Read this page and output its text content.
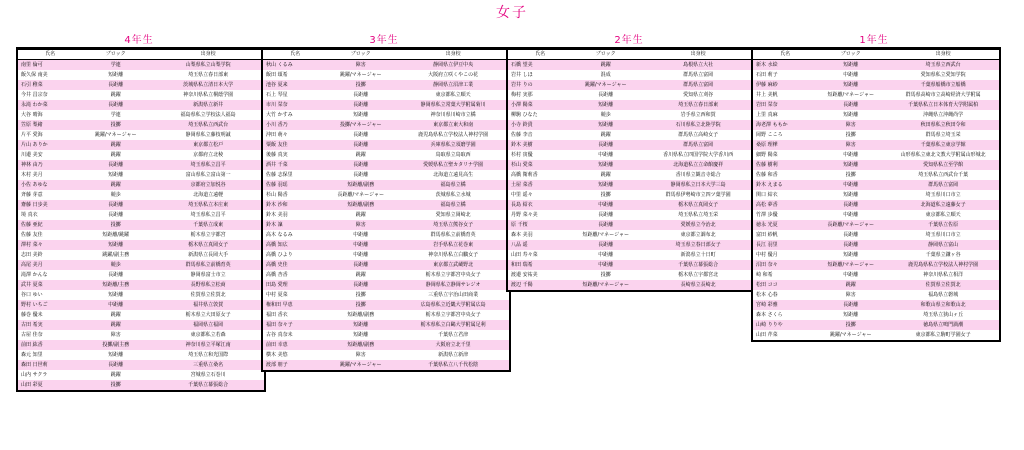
女子
4年生	3年生	2年生	1年生
氏名	ブロック	出身校
南里 倫可	学連	山梨県私立山梨学院
飯久保 南美	短距離	埼玉県立春日部東
石引 稚菜	長距離	茨城県私立清日本大学
今井 昌宗奈	跳躍	神奈川県私立桐蔭学園
永滝 わか菜	長距離	新潟県立新井
大谷 晴海	学連	福島県私立学校法人福島
笠原 梨緒	投擲	埼玉県私立西武台
片平 愛海	跳躍/マネージャー	静岡県私立藤枝明誠
片山 ありか	跳躍	東京都立松戸
川邉 美安	跳躍	京都府立北稜
神林 由乃	長距離	埼玉県私立昌平
木村 美月	短距離	富山県私立富山第一
小佐 あゆな	跳躍	京都府立加悦谷
斉藤 芽意	競歩	北海道立遠軽
齋藤 日步美	長距離	埼玉県私立本庄東
境 真衣	長距離	埼玉県私立昌平
佐藤 亜紀	投擲	千葉県立成東
佐藤 友佳	短距離/跳躍	栃木県立宇都宮
澤村 菜々	短距離	栃木県立真岡女子
志田 美鈴	跳躍/副主務	新潟県立長岡大手
高尾 美月	競歩	群馬県私立前橋育英
滝澤 かんな	長距離	静岡県富士市立
武井 夏菜	短距離/主務	長野県私立松商
谷口 ゆい	短距離	佐賀県立佐賀北
野村 いちご	中距離	福井県立敦賀
藤巻 優未	跳躍	栃木県立大田原女子
古田 希実	跳躍	福岡県立福岡
古屋 佳奈	障害	東京都私立若森
前田 紘香	投擲/副主務	神奈川県立平塚江南
森元 知里	短距離	埼玉県立和光国際
森田 日世莉	長距離	三重県立桑名
山内 サクラ	跳躍	宮城県立石巻川
山田 彩夏	投擲	千葉県立幕張総合
氏名	ブロック	出身校
秋山 くるみ	障害	静岡県立伊豆中央
飯田 頌希	跳躍/マネージャー	大阪府立咲くやこの花
池谷 夏来	投擲	静岡県立沼津工業
石上 琴星	長距離	東京都私立順天
市川 栞奈	長距離	静岡県私立常葉大学附属菊川
大竹 かすみ	短距離	神奈川県川崎市立橘
小川 香乃	投擲/マネージャー	東京都立東大和南
沖田 萌々	長距離	鹿児島県私立学校法人神村学園
粟飯 友佳	長距離	兵庫県私立須磨学園
後藤 真実	跳躍	鳥取県立鳥取西
酒井 千菜	長距離	愛媛県私立聖カタリナ学園
佐藤 志保里	長距離	北海道立遠見高生
佐藤 羽瑶	短距離/副務	福島県立橘
杉山 陽香	長距離/マネージャー	茨城県私立水城
鈴木 沙和	短距離/副務	福島県立橘
鈴木 美羽	跳躍	愛知県立岡崎北
鈴木 凜	障害	埼玉県立熊谷女子
高木 なるみ	中距離	群馬県私立前橋育英
高橋 知広	中距離	岩手県私立花巻東
高橋 ひより	中距離	神奈川県私立白鵬女子
高橋 史佳	長距離	東京都立武蔵野北
高橋 杏香	跳躍	栃木県立宇都宮中央女子
田島 愛理	長距離	静岡県私立静岡サレジオ
中村 夏菜	投擲	三重県立宇治山田商業
権和田 早恵	投擲	広島県私立近畿大学附属広島
福田 香衣	短距離/副務	栃木県立宇都宮中央女子
福田 奈々子	短距離	栃木県私立白鷗大学附属足利
古谷 真奈未	短距離	千葉県立君津
前田 幸恵	短距離/副務	大阪府立北千里
横木 美悠	障害	新潟県立新津
渡部 朋子	跳躍/マネージャー	千葉県私立八千代松陰
氏名	ブロック	出身校
石橋 望美	跳躍	島根県立大社
岩井 しほ	混成	群馬県立富岡
岩井 りの	跳躍/マネージャー	群馬県立富岡
梅村 実那	長距離	愛知県立刈谷
小澤 陽菜	短距離	埼玉県立春日部東
柳駒 ひなた	競歩	岩手県立西和賀
小寺 鈴貴	短距離	石川県私立北陸学院
佐藤 李音	跳躍	群馬県立高崎女子
鈴木 美樹	長距離	群馬県立富岡
杉村 寅優	中距離	香川県私立四国学院大学香川西
杉山 愛菜	短距離	北海道私立立命館慶祥
高橋 衛莉香	跳躍	香川県立観音寺総合
土屋 菜香	短距離	静岡県私立日本大学三島
中里 遥々	投擲	群馬県伊勢崎市立四ツ葉学園
長島 紹衣	中距離	栃木県立真岡女子
丹野 菜々美	長距離	埼玉県私立埼玉栄
原 千桜	長距離	愛媛県立今治北
森本 美羽	短距離/マネージャー	東京都立調布北
八品 遥	長距離	埼玉県立春日部女子
山田 寿々菜	中距離	新潟県立十日町
和田 瑞希	中距離	千葉県立幕張総合
渡邉 安祐美	投擲	栃木県立宇都宮北
渡辺 千陽	短距離/マネージャー	長崎県立長崎北
氏名	ブロック	出身校
新木 水絵	短距離	埼玉県立西武台
石田 莉子	中距離	愛知県私立愛知学院
伊藤 麻紗	短距離	千葉県船橋市立船橋
井上 美帆	短距離/マネージャー	群馬県高崎市立高崎経済大学附属
岩田 栞奈	長距離	千葉県私立日本体育大学附属柏
上里 真麻	短距離	沖縄県立沖縄尚学
海老澤 ももか	障害	秋田県私立秋田令和
岡野 こころ	投擲	群馬県立埼玉栄
桑原 理樺	障害	千葉県私立東京学館
細野 陽菜	中距離	山形県私立東北文教大学附属山形城北
佐藤 樹利	短距離	愛知県私立至学館
佐藤 和香	投擲	埼玉県私立西武台千葉
鈴木 えまる	中距離	群馬県立富岡
関口 結衣	短距離	埼玉県川口市立
高松 夢香	長距離	北海道私立遠藤女子
竹澤 歩優	中距離	東京都私立順天
徳永 光夏	長距離/マネージャー	千葉県立佐原
富田 紗帆	長距離	埼玉県川口市立
長江 羽里	長距離	静岡県立富山
中村 優月	短距離	千葉県立鎌ヶ谷
沼田 奈々	短距離/マネージャー	鹿児島県私立学校法人神村学園
崎 和希	中距離	神奈川県私立相洋
松田 ココ	跳躍	佐賀県立佐賀北
松本 心春	障害	福島県立磐城
宮崎 彩雅	長距離	和歌山県立和歌山北
森本 さくら	短距離	埼玉県立狭山ヶ丘
山崎 りりや	投擲	徳島県立鳴門渦潮
山田 芹菜	跳躍/マネージャー	東京都私立駒町学園女子
